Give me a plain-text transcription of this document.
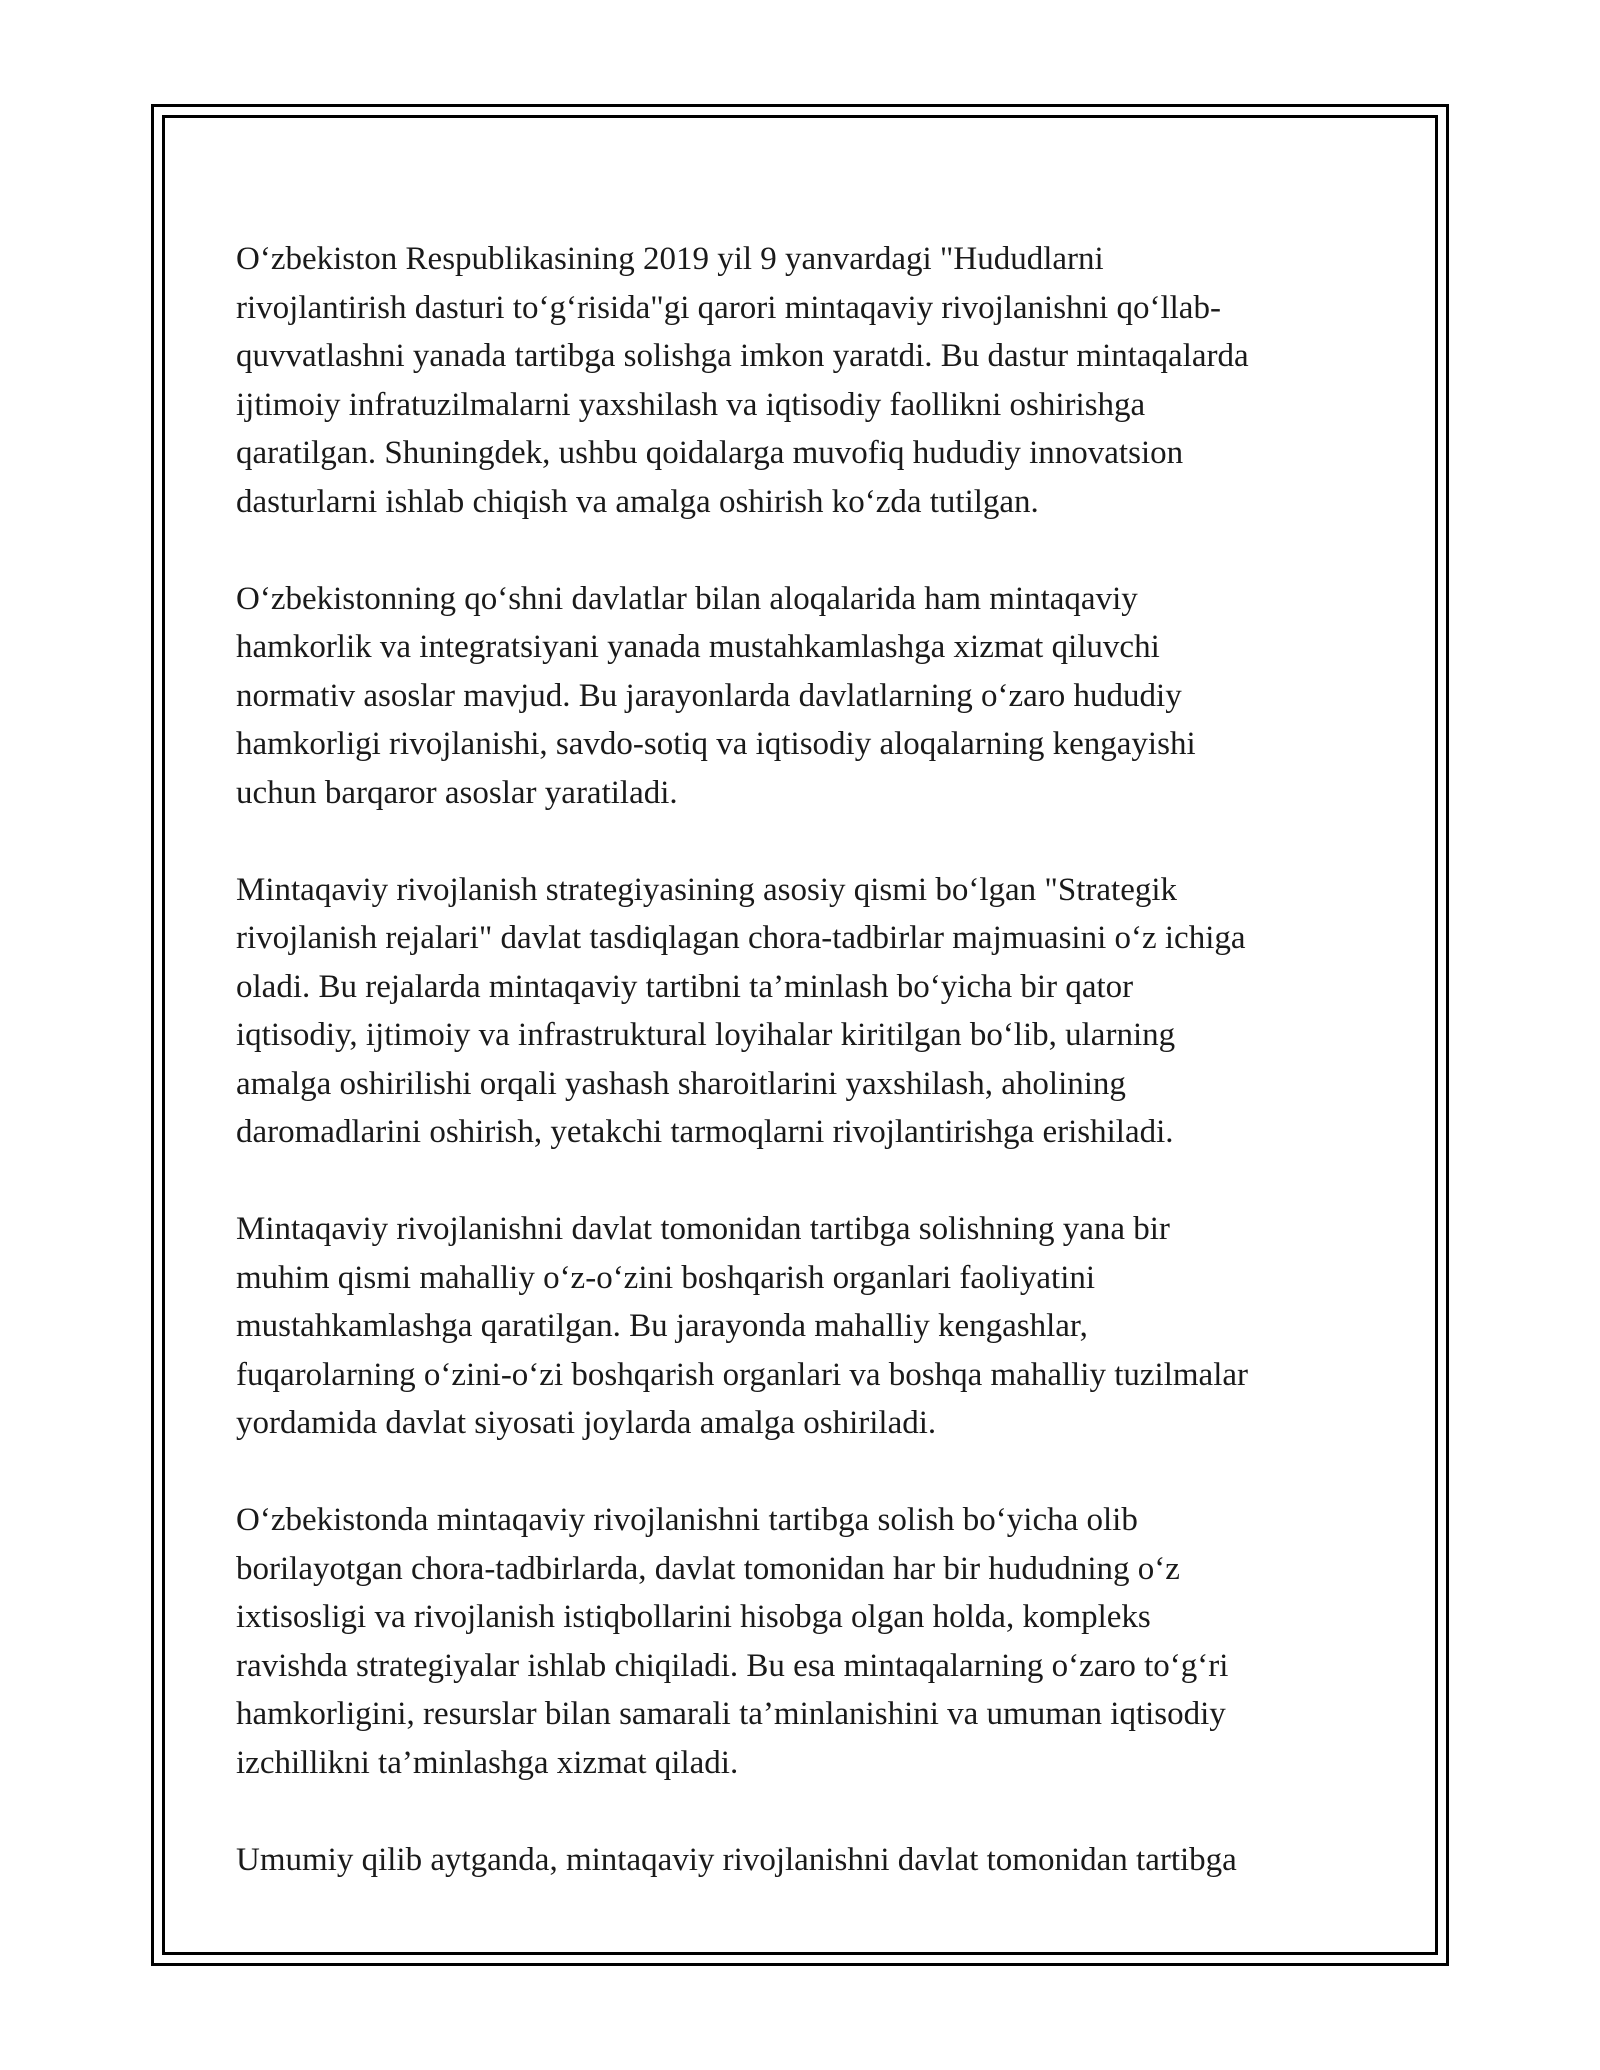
Oʻzbekiston Respublikasining 2019 yil 9 yanvardagi "Hududlarni
rivojlantirish dasturi toʻgʻrisida"gi qarori mintaqaviy rivojlanishni qoʻllab-
quvvatlashni yanada tartibga solishga imkon yaratdi. Bu dastur mintaqalarda
ijtimoiy infratuzilmalarni yaxshilash va iqtisodiy faollikni oshirishga
qaratilgan. Shuningdek, ushbu qoidalarga muvofiq hududiy innovatsion
dasturlarni ishlab chiqish va amalga oshirish koʻzda tutilgan.
Oʻzbekistonning qoʻshni davlatlar bilan aloqalarida ham mintaqaviy
hamkorlik va integratsiyani yanada mustahkamlashga xizmat qiluvchi
normativ asoslar mavjud. Bu jarayonlarda davlatlarning oʻzaro hududiy
hamkorligi rivojlanishi, savdo-sotiq va iqtisodiy aloqalarning kengayishi
uchun barqaror asoslar yaratiladi.
Mintaqaviy rivojlanish strategiyasining asosiy qismi boʻlgan "Strategik
rivojlanish rejalari" davlat tasdiqlagan chora-tadbirlar majmuasini oʻz ichiga
oladi. Bu rejalarda mintaqaviy tartibni ta’minlash boʻyicha bir qator
iqtisodiy, ijtimoiy va infrastruktural loyihalar kiritilgan boʻlib, ularning
amalga oshirilishi orqali yashash sharoitlarini yaxshilash, aholining
daromadlarini oshirish, yetakchi tarmoqlarni rivojlantirishga erishiladi.
Mintaqaviy rivojlanishni davlat tomonidan tartibga solishning yana bir
muhim qismi mahalliy oʻz-oʻzini boshqarish organlari faoliyatini
mustahkamlashga qaratilgan. Bu jarayonda mahalliy kengashlar,
fuqarolarning oʻzini-oʻzi boshqarish organlari va boshqa mahalliy tuzilmalar
yordamida davlat siyosati joylarda amalga oshiriladi.
Oʻzbekistonda mintaqaviy rivojlanishni tartibga solish boʻyicha olib
borilayotgan chora-tadbirlarda, davlat tomonidan har bir hududning oʻz
ixtisosligi va rivojlanish istiqbollarini hisobga olgan holda, kompleks
ravishda strategiyalar ishlab chiqiladi. Bu esa mintaqalarning oʻzaro toʻgʻri
hamkorligini, resurslar bilan samarali ta’minlanishini va umuman iqtisodiy
izchillikni ta’minlashga xizmat qiladi.
Umumiy qilib aytganda, mintaqaviy rivojlanishni davlat tomonidan tartibga
